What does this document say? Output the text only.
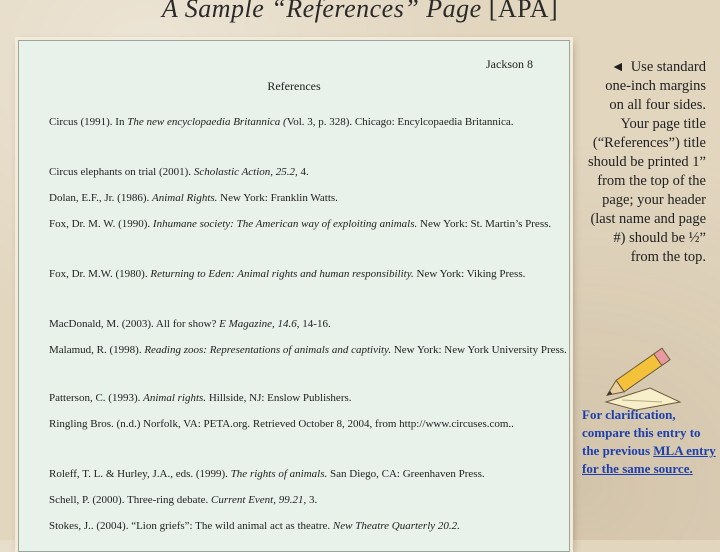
A Sample “References” Page [APA]
Jackson 8
References
Circus (1991). In The new encyclopaedia Britannica (Vol. 3, p. 328). Chicago: Encylcopaedia Britannica.
Circus elephants on trial (2001). Scholastic Action, 25.2, 4.
Dolan, E.F., Jr. (1986). Animal Rights. New York: Franklin Watts.
Fox, Dr. M. W. (1990). Inhumane society: The American way of exploiting animals. New York: St. Martin’s Press.
Fox, Dr. M.W. (1980). Returning to Eden: Animal rights and human responsibility. New York: Viking Press.
MacDonald, M. (2003). All for show? E Magazine, 14.6, 14-16.
Malamud, R. (1998). Reading zoos: Representations of animals and captivity. New York: New York University Press.
Patterson, C. (1993). Animal rights. Hillside, NJ: Enslow Publishers.
Ringling Bros. (n.d.) Norfolk, VA: PETA.org. Retrieved October 8, 2004, from http://www.circuses.com..
Roleff, T. L. & Hurley, J.A., eds. (1999). The rights of animals. San Diego, CA: Greenhaven Press.
Schell, P. (2000). Three-ring debate. Current Event, 99.21, 3.
Stokes, J.. (2004). “Lion griefs”: The wild animal act as theatre. New Theatre Quarterly 20.2.
◄ Use standard one-inch margins on all four sides. Your page title (“References”) title should be printed 1” from the top of the page; your header (last name and page #) should be ½” from the top.
For clarification, compare this entry to the previous MLA entry for the same source.
